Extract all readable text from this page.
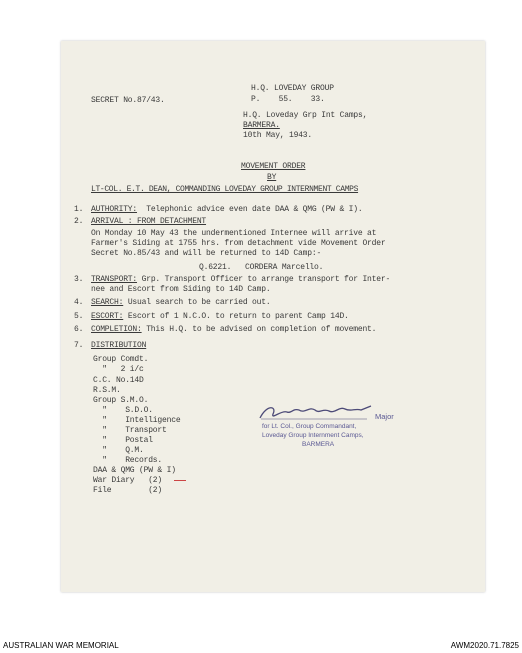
SECRET No.87/43.
H.Q. LOVEDAY GROUP
P.    55.    33.
H.Q. Loveday Grp Int Camps,
BARMERA.
10th May, 1943.
MOVEMENT ORDER
BY
LT-COL. E.T. DEAN, COMMANDING LOVEDAY GROUP INTERNMENT CAMPS
1. AUTHORITY:  Telephonic advice even date DAA & QMG (PW & I).
2. ARRIVAL : FROM DETACHMENT
On Monday 10 May 43 the undermentioned Internee will arrive at
Farmer's Siding at 1755 hrs. from detachment vide Movement Order
Secret No.85/43 and will be returned to 14D Camp:-
Q.6221.   CORDERA Marcello.
3. TRANSPORT: Grp. Transport Officer to arrange transport for Inter-
nee and Escort from Siding to 14D Camp.
4. SEARCH: Usual search to be carried out.
5. ESCORT: Escort of 1 N.C.O. to return to parent Camp 14D.
6. COMPLETION: This H.Q. to be advised on completion of movement.
7. DISTRIBUTION
Group Comdt.
"   2 i/c
C.C. No.14D
R.S.M.
Group S.M.O.
"    S.D.O.
"    Intelligence
"    Transport
"    Postal
"    Q.M.
"    Records.
DAA & QMG (PW & I)
War Diary   (2)
File        (2)
Major
for Lt. Col., Group Commandant,
Loveday Group Internment Camps,
BARMERA
AUSTRALIAN WAR MEMORIAL	AWM2020.71.7825
